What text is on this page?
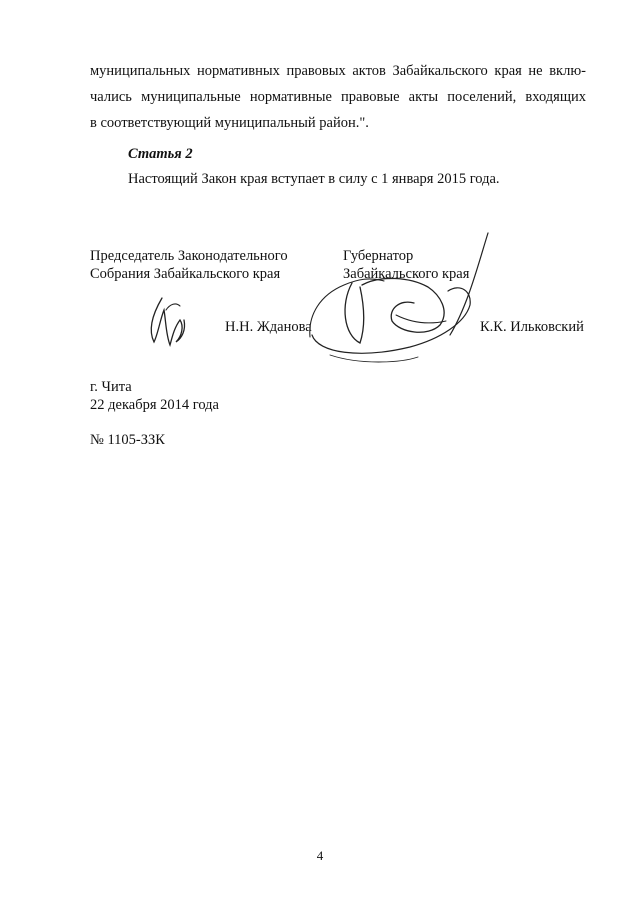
муниципальных нормативных правовых актов Забайкальского края не вклю-
чались муниципальные нормативные правовые акты поселений, входящих
в соответствующий муниципальный район.".

Статья 2

Настоящий Закон края вступает в силу с 1 января 2015 года.

Председатель Законодательного
Собрания Забайкальского края
Губернатор
Забайкальского края
Н.Н. Жданова	К.К. Ильковский
г. Чита
22 декабря 2014 года
№ 1105-ЗЗК
4
